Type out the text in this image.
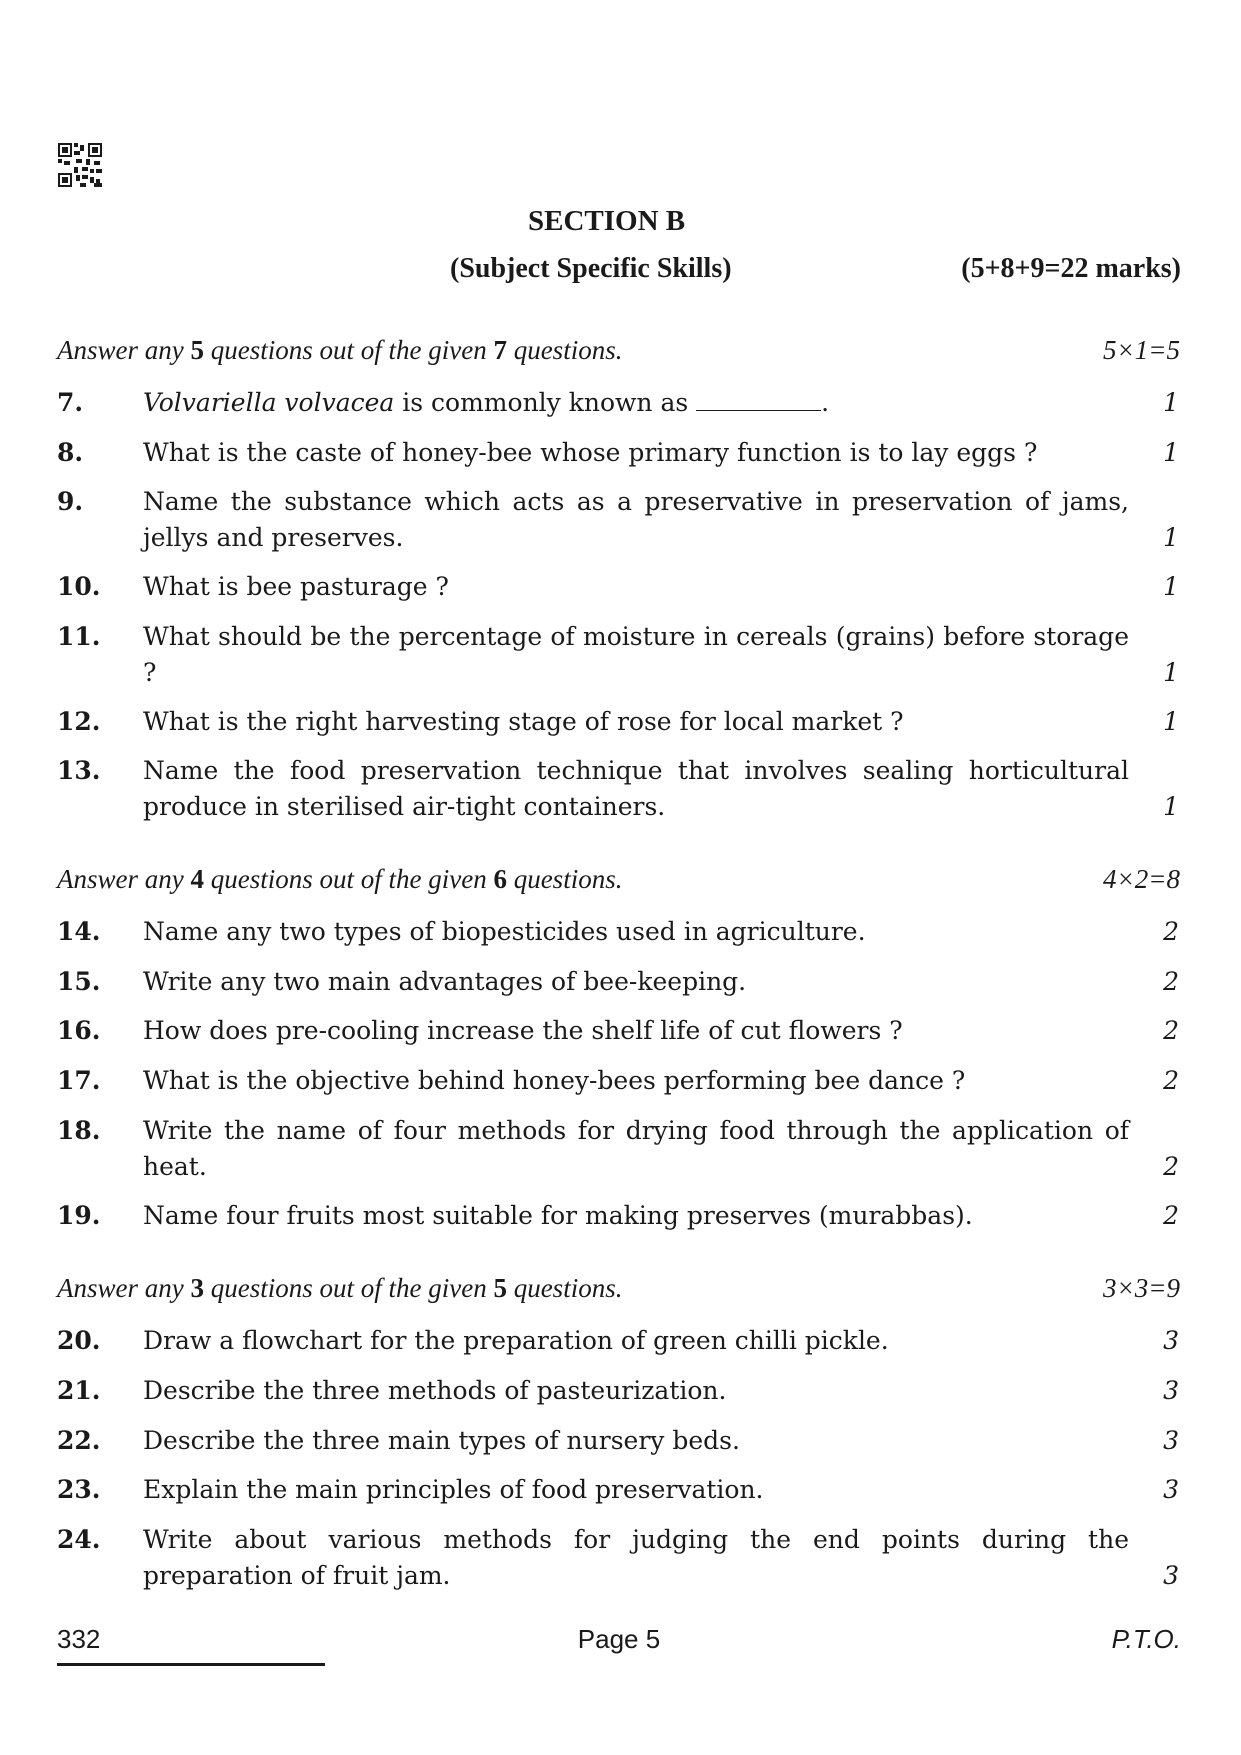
SECTION B
(Subject Specific Skills)	(5+8+9=22 marks)
Answer any 5 questions out of the given 7 questions.	5×1=5
7.	Volvariella volvacea is commonly known as	.	1
8.	What is the caste of honey-bee whose primary function is to lay eggs ?	1
9.	Name the substance which acts as a preservative in preservation of jams, jellys and preserves.	1
10.	What is bee pasturage ?	1
11.	What should be the percentage of moisture in cereals (grains) before storage ?	1
12.	What is the right harvesting stage of rose for local market ?	1
13.	Name the food preservation technique that involves sealing horticultural produce in sterilised air-tight containers.	1
Answer any 4 questions out of the given 6 questions.	4×2=8
14.	Name any two types of biopesticides used in agriculture.	2
15.	Write any two main advantages of bee-keeping.	2
16.	How does pre-cooling increase the shelf life of cut flowers ?	2
17.	What is the objective behind honey-bees performing bee dance ?	2
18.	Write the name of four methods for drying food through the application of heat.	2
19.	Name four fruits most suitable for making preserves (murabbas).	2
Answer any 3 questions out of the given 5 questions.	3×3=9
20.	Draw a flowchart for the preparation of green chilli pickle.	3
21.	Describe the three methods of pasteurization.	3
22.	Describe the three main types of nursery beds.	3
23.	Explain the main principles of food preservation.	3
24.	Write about various methods for judging the end points during the preparation of fruit jam.	3
332	Page 5	P.T.O.
